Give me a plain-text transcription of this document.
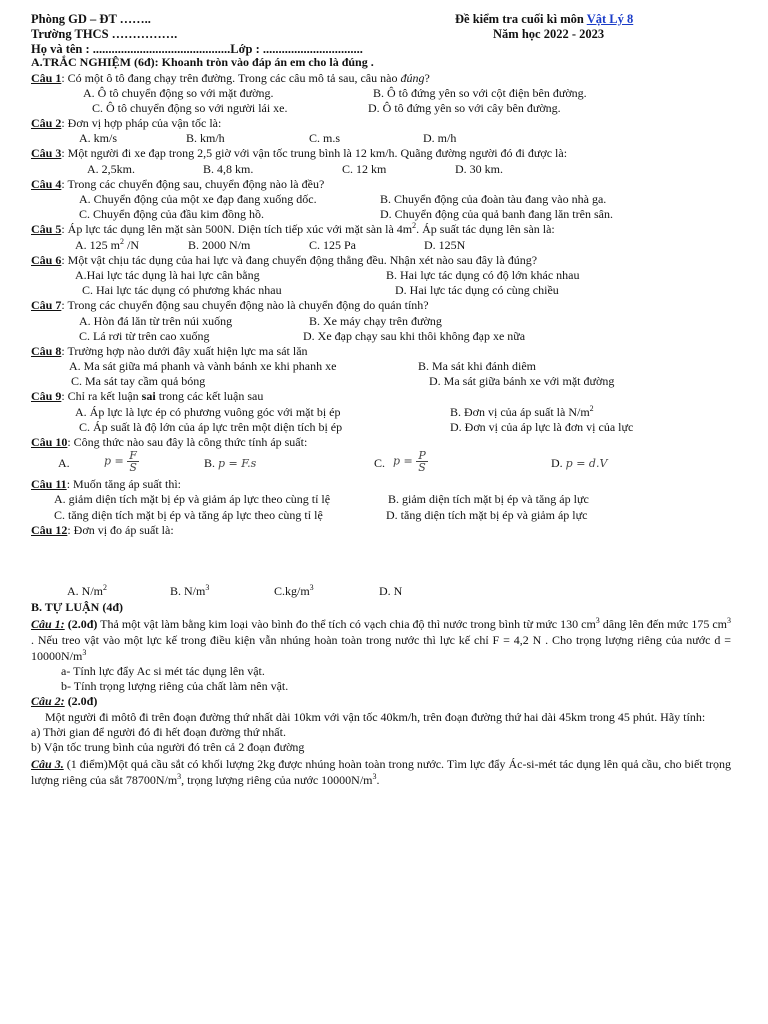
Phòng GD – ĐT ……..	Đề kiểm tra cuối kì môn Vật Lý 8
Trường THCS …………….	Năm học 2022 - 2023
Họ và tên : ............................................Lớp : ................................
A.TRẮC NGHIỆM (6đ): Khoanh tròn vào đáp án em cho là đúng .
Câu 1: Có một ô tô đang chạy trên đường. Trong các câu mô tả sau, câu nào đúng?
A. Ô tô chuyển động so với mặt đường.	B. Ô tô đứng yên so với cột điện bên đường.
C. Ô tô chuyển động so với người lái xe.	D. Ô tô đứng yên so với cây bên đường.
Câu 2: Đơn vị hợp pháp của vận tốc là:
A. km/s	B. km/h	C. m.s	D. m/h
Câu 3: Một người đi xe đạp trong 2,5 giờ với vận tốc trung bình là 12 km/h. Quãng đường người đó đi được là:
A. 2,5km.	B. 4,8 km.	C. 12 km	D. 30 km.
Câu 4: Trong các chuyển động sau, chuyển động nào là đều?
A. Chuyển động của một xe đạp đang xuống dốc.	B. Chuyển động của đoàn tàu đang vào nhà ga.
C. Chuyển động của đầu kim đồng hồ.	D. Chuyển động của quả banh đang lăn trên sân.
Câu 5: Áp lực tác dụng lên mặt sàn 500N. Diện tích tiếp xúc với mặt sàn là $4m^2$. Áp suất tác dụng lên sàn là:
A. 125 $m^2$ /N	B. 2000 N/m	C. 125 Pa	D. 125N
Câu 6: Một vật chịu tác dụng của hai lực và đang chuyển động thẳng đều. Nhận xét nào sau đây là đúng?
A.Hai lực tác dụng là hai lực cân bằng	B. Hai lực tác dụng có độ lớn khác nhau
C. Hai lực tác dụng có phương khác nhau	D. Hai lực tác dụng có cùng chiều
Câu 7: Trong các chuyển động sau chuyển động nào là chuyển động do quán tính?
A. Hòn đá lăn từ trên núi xuống	B. Xe máy chạy trên đường
C. Lá rơi từ trên cao xuống	D. Xe đạp chạy sau khi thôi không đạp xe nữa
Câu 8: Trường hợp nào dưới đây xuất hiện lực ma sát lăn
A. Ma sát giữa má phanh và vành bánh xe khi phanh xe	B. Ma sát khi đánh diêm
C. Ma sát tay cầm quả bóng	D. Ma sát giữa bánh xe với mặt đường
Câu 9: Chỉ ra kết luận sai trong các kết luận sau
A. Áp lực là lực ép có phương vuông góc với mặt bị ép	B. Đơn vị của áp suất là $N/m^2$
C. Áp suất là độ lớn của áp lực trên một diện tích bị ép	D. Đơn vị của áp lực là đơn vị của lực
Câu 10: Công thức nào sau đây là công thức tính áp suất:
A.	$p = \frac{F}{S}$	B. p = F.s	C. $p = \frac{P}{S}$	D. p = d.V
Câu 11: Muốn tăng áp suất thì:
A. giảm diện tích mặt bị ép và giảm áp lực theo cùng tỉ lệ	B. giảm diện tích mặt bị ép và tăng áp lực
C. tăng diện tích mặt bị ép và tăng áp lực theo cùng tỉ lệ	D. tăng diện tích mặt bị ép và giảm áp lực
Câu 12: Đơn vị đo áp suất là:
A. $N/m^2$	B. $N/m^3$	$C.kg/m^3$	D. N
B. TỰ LUẬN (4đ)
Câu 1: (2.0đ) Thả một vật làm bằng kim loại vào bình đo thể tích có vạch chia độ thì nước trong bình từ mức 130 $cm^3$ dâng lên đến mức 175 $cm^3$ . Nếu treo vật vào một lực kế trong điều kiện vẫn nhúng hoàn toàn trong nước thì lực kế chỉ F = 4,2 N . Cho trọng lượng riêng của nước $d = 10000N/m^3$
a- Tính lực đẩy Ac si mét tác dụng lên vật.
b- Tính trọng lượng riêng của chất làm nên vật.
Câu 2: (2.0đ)
Một người đi môtô đi trên đoạn đường thứ nhất dài 10km với vận tốc 40km/h, trên đoạn đường thứ hai dài 45km trong 45 phút. Hãy tính:
a) Thời gian để người đó đi hết đoạn đường thứ nhất.
b) Vận tốc trung bình của người đó trên cả 2 đoạn đường
Câu 3. (1 điểm)Một quả cầu sắt có khối lượng 2kg được nhúng hoàn toàn trong nước. Tìm lực đẩy Ác-si-mét tác dụng lên quả cầu, cho biết trọng lượng riêng của sắt $78700N/m^3$, trọng lượng riêng của nước $10000N/m^3$.
